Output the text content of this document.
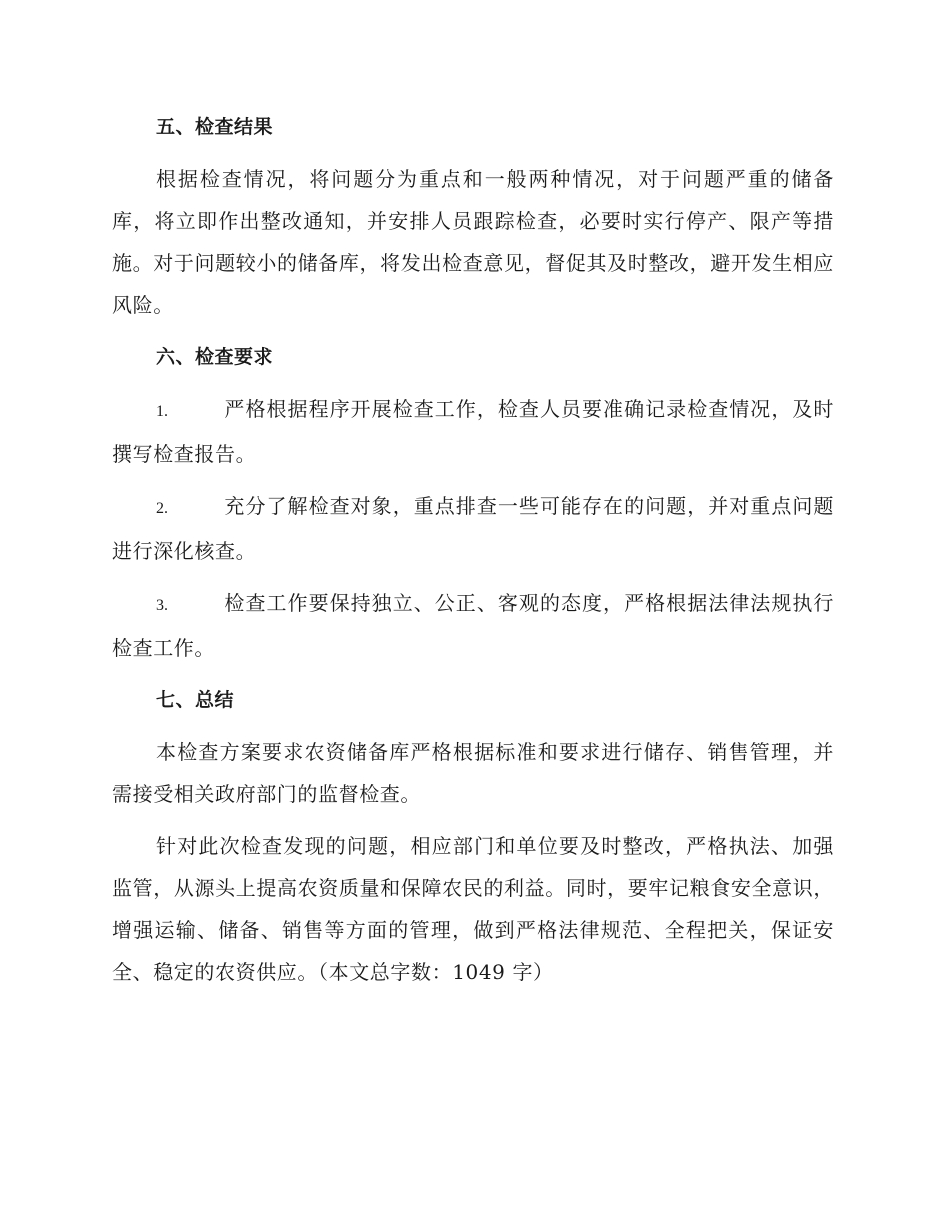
五、检查结果

根据检查情况，将问题分为重点和一般两种情况，对于问题严重的储备库，将立即作出整改通知，并安排人员跟踪检查，必要时实行停产、限产等措施。对于问题较小的储备库，将发出检查意见，督促其及时整改，避开发生相应风险。

六、检查要求
1.	严格根据程序开展检查工作，检查人员要准确记录检查情况，及时撰写检查报告。
2.	充分了解检查对象，重点排查一些可能存在的问题，并对重点问题进行深化核查。
3.	检查工作要保持独立、公正、客观的态度，严格根据法律法规执行检查工作。
七、总结

本检查方案要求农资储备库严格根据标准和要求进行储存、销售管理，并需接受相关政府部门的监督检查。

针对此次检查发现的问题，相应部门和单位要及时整改，严格执法、加强监管，从源头上提高农资质量和保障农民的利益。同时，要牢记粮食安全意识，增强运输、储备、销售等方面的管理，做到严格法律规范、全程把关，保证安全、稳定的农资供应。（本文总字数：1049 字）
